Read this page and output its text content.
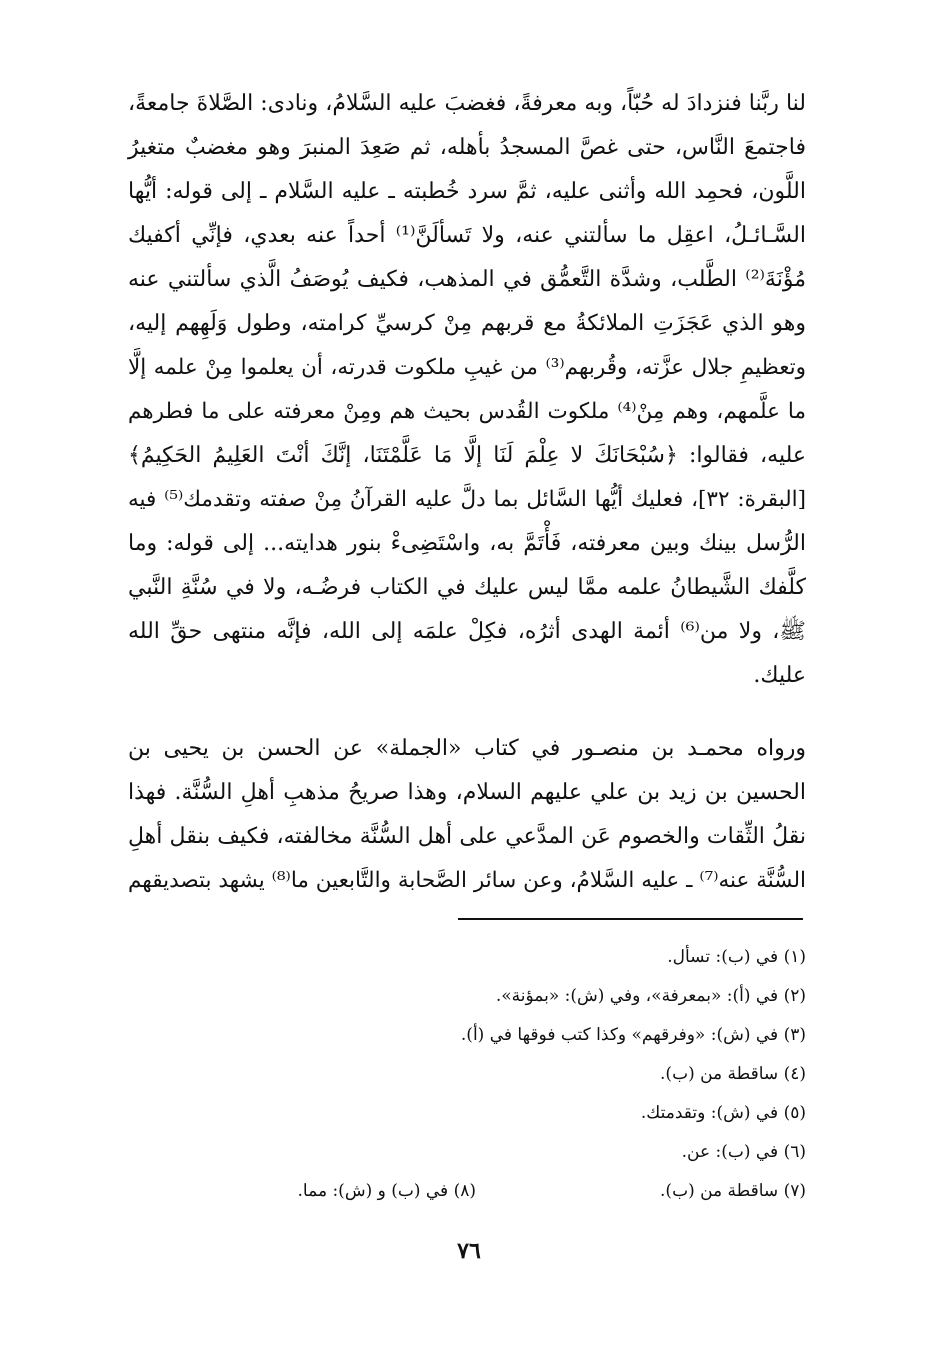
لنا ربَّنا فنزدادَ له حُبّاً، وبه معرفةً، فغضبَ عليه السَّلامُ، ونادى: الصَّلاةَ جامعةً،
فاجتمعَ النَّاس، حتى غصَّ المسجدُ بأهله، ثم صَعِدَ المنبرَ وهو مغضبٌ متغيرُ
اللَّون، فحمِد الله وأثنى عليه، ثمَّ سرد خُطبته ـ عليه السَّلام ـ إلى قوله: أيُّها
السَّـائـلُ، اعقِل ما سألتني عنه، ولا تَسألَنَّ⁽¹⁾ أحداً عنه بعدي، فإنِّي أكفيك
مُؤْنَةَ⁽²⁾ الطَّلب، وشدَّة التَّعمُّق في المذهب، فكيف يُوصَفُ الَّذي سألتني عنه
وهو الذي عَجَزَتِ الملائكةُ مع قربهم مِنْ كرسيِّ كرامته، وطول وَلَهِهم إليه،
وتعظيمِ جلال عزَّته، وقُربهم⁽³⁾ من غيبِ ملكوت قدرته، أن يعلموا مِنْ علمه إلَّا
ما علَّمهم، وهم مِنْ⁽⁴⁾ ملكوت القُدس بحيث هم ومِنْ معرفته على ما فطرهم
عليه، فقالوا: ﴿سُبْحَانَكَ لا عِلْمَ لَنَا إلَّا مَا عَلَّمْتَنَا، إنَّكَ أنْتَ العَلِيمُ الحَكِيمُ﴾
[البقرة: ٣٢]، فعليك أيُّها السَّائل بما دلَّ عليه القرآنُ مِنْ صفته وتقدمك⁽⁵⁾ فيه
الرُّسل بينك وبين معرفته، فَأْتَمَّ به، واسْتَضِىءْ بنور هدايته... إلى قوله: وما
كلَّفك الشَّيطانُ علمه ممَّا ليس عليك في الكتاب فرضُـه، ولا في سُنَّةِ النَّبي
ﷺ، ولا من⁽⁶⁾ أئمة الهدى أثرُه، فكِلْ علمَه إلى الله، فإنَّه منتهى حقِّ الله
عليك.
ورواه محمـد بن منصـور في كتاب «الجملة» عن الحسن بن يحيى بن
الحسين بن زيد بن علي عليهم السلام، وهذا صريحُ مذهبِ أهلِ السُّنَّة. فهذا
نقلُ الثِّقات والخصوم عَن المدَّعي على أهل السُّنَّة مخالفته، فكيف بنقل أهلِ
السُّنَّة عنه⁽⁷⁾ ـ عليه السَّلامُ، وعن سائر الصَّحابة والتَّابعين ما⁽⁸⁾ يشهد بتصديقهم
(١) في (ب): تسأل.
(٢) في (أ): «بمعرفة»، وفي (ش): «بمؤنة».
(٣) في (ش): «وفرقهم» وكذا كتب فوقها في (أ).
(٤) ساقطة من (ب).
(٥) في (ش): وتقدمتك.
(٦) في (ب): عن.
(٧) ساقطة من (ب).
(٨) في (ب) و (ش): مما.
٧٦
